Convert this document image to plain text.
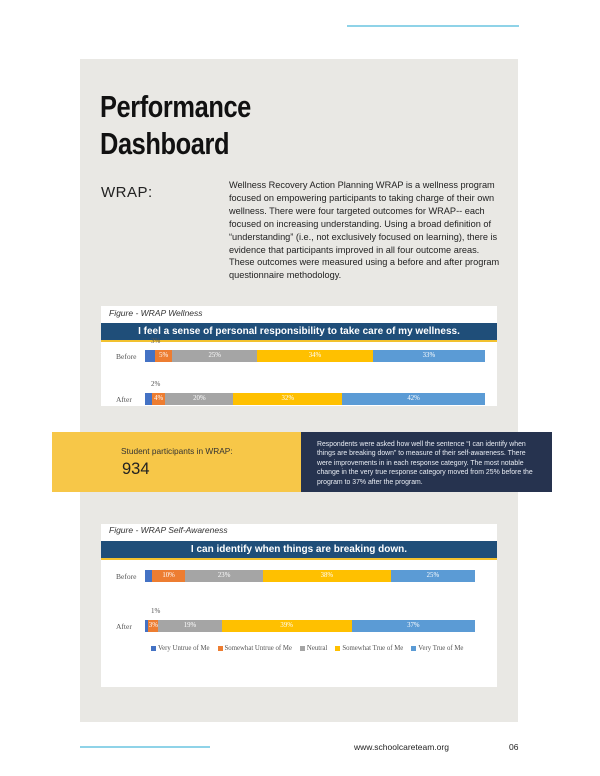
Performance
Dashboard
WRAP:	Wellness Recovery Action Planning WRAP is a wellness program focused on empowering participants to taking charge of their own wellness. There were four targeted outcomes for WRAP-- each focused on increasing understanding. Using a broad definition of “understanding” (i.e., not exclusively focused on learning), there is evidence that participants improved in all four outcome areas. These outcomes were measured using a before and after program questionnaire methodology.
Figure - WRAP Wellness
I feel a sense of personal responsibility to take care of my wellness.
Before
After
5%	25%	34%	33%
4%	20%	32%	42%
3%
2%
Student participants in WRAP:
934
Respondents were asked how well the sentence “I can identify when things are breaking down” to measure of their self-awareness. There were improvements in in each response category. The most notable change in the very true response category moved from 25% before the program to 37% after the program.
Figure - WRAP Self-Awareness
I can identify when things are breaking down.
Before
After
10%	23%	38%	25%
3%	19%	39%	37%
Very Untrue of Me Somewhat Untrue of Me Neutral Somewhat True of Me Very True of Me
1%
www.schoolcareteam.org	06
